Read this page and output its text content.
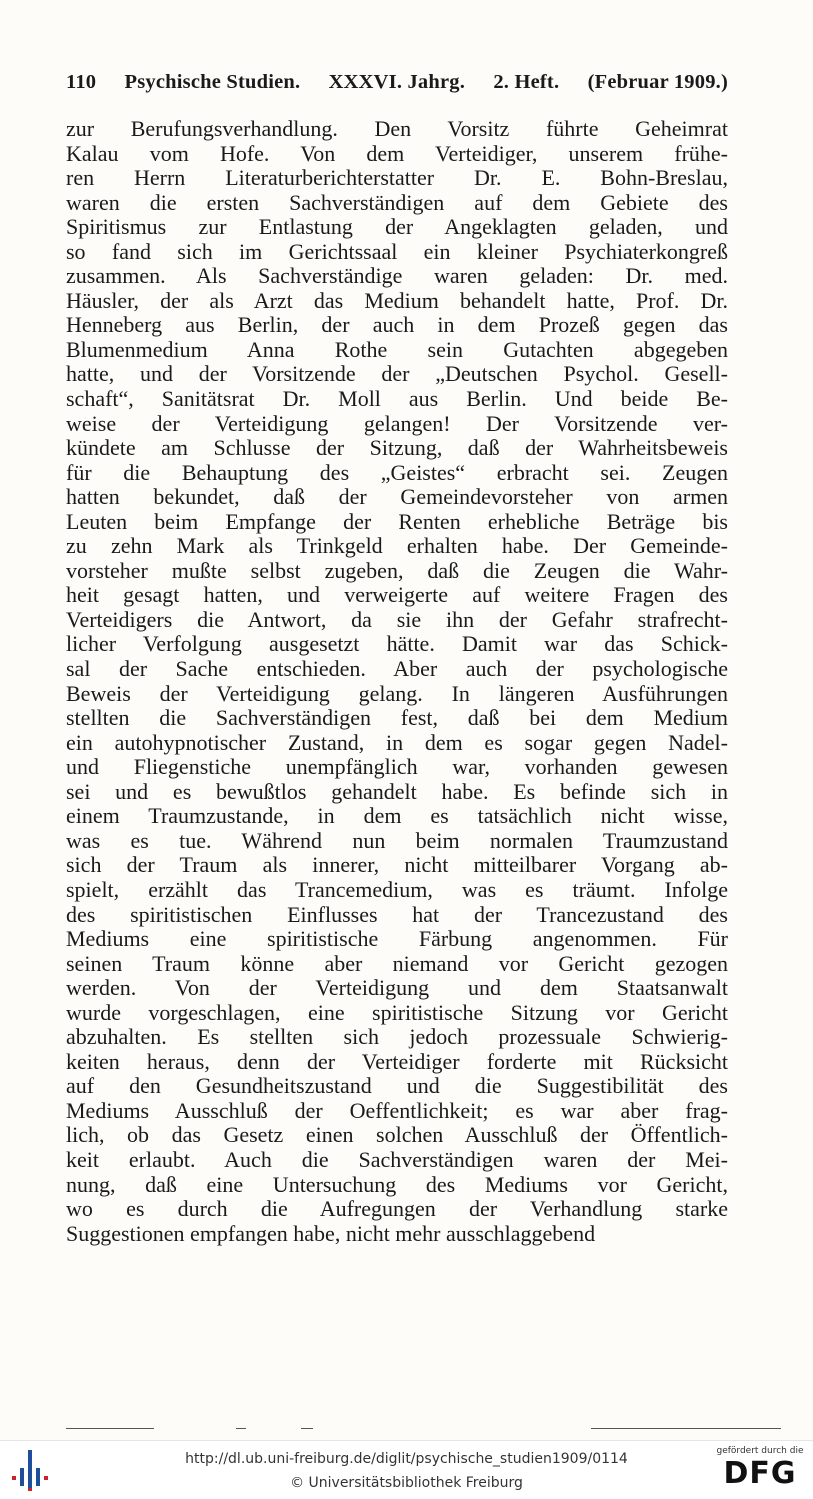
110 Psychische Studien. XXXVI. Jahrg. 2. Heft. (Februar 1909.)
zur Berufungsverhandlung. Den Vorsitz führte Geheimrat
Kalau vom Hofe. Von dem Verteidiger, unserem frühe-
ren Herrn Literaturberichterstatter Dr. E. Bohn-Breslau,
waren die ersten Sachverständigen auf dem Gebiete des
Spiritismus zur Entlastung der Angeklagten geladen, und
so fand sich im Gerichtssaal ein kleiner Psychiaterkongreß
zusammen. Als Sachverständige waren geladen: Dr. med.
Häusler, der als Arzt das Medium behandelt hatte, Prof. Dr.
Henneberg aus Berlin, der auch in dem Prozeß gegen das
Blumenmedium Anna Rothe sein Gutachten abgegeben
hatte, und der Vorsitzende der „Deutschen Psychol. Gesell-
schaft“, Sanitätsrat Dr. Moll aus Berlin. Und beide Be-
weise der Verteidigung gelangen! Der Vorsitzende ver-
kündete am Schlusse der Sitzung, daß der Wahrheitsbeweis
für die Behauptung des „Geistes“ erbracht sei. Zeugen
hatten bekundet, daß der Gemeindevorsteher von armen
Leuten beim Empfange der Renten erhebliche Beträge bis
zu zehn Mark als Trinkgeld erhalten habe. Der Gemeinde-
vorsteher mußte selbst zugeben, daß die Zeugen die Wahr-
heit gesagt hatten, und verweigerte auf weitere Fragen des
Verteidigers die Antwort, da sie ihn der Gefahr strafrecht-
licher Verfolgung ausgesetzt hätte. Damit war das Schick-
sal der Sache entschieden. Aber auch der psychologische
Beweis der Verteidigung gelang. In längeren Ausführungen
stellten die Sachverständigen fest, daß bei dem Medium
ein autohypnotischer Zustand, in dem es sogar gegen Nadel-
und Fliegenstiche unempfänglich war, vorhanden gewesen
sei und es bewußtlos gehandelt habe. Es befinde sich in
einem Traumzustande, in dem es tatsächlich nicht wisse,
was es tue. Während nun beim normalen Traumzustand
sich der Traum als innerer, nicht mitteilbarer Vorgang ab-
spielt, erzählt das Trancemedium, was es träumt. Infolge
des spiritistischen Einflusses hat der Trancezustand des
Mediums eine spiritistische Färbung angenommen. Für
seinen Traum könne aber niemand vor Gericht gezogen
werden. Von der Verteidigung und dem Staatsanwalt
wurde vorgeschlagen, eine spiritistische Sitzung vor Gericht
abzuhalten. Es stellten sich jedoch prozessuale Schwierig-
keiten heraus, denn der Verteidiger forderte mit Rücksicht
auf den Gesundheitszustand und die Suggestibilität des
Mediums Ausschluß der Oeffentlichkeit; es war aber frag-
lich, ob das Gesetz einen solchen Ausschluß der Öffentlich-
keit erlaubt. Auch die Sachverständigen waren der Mei-
nung, daß eine Untersuchung des Mediums vor Gericht,
wo es durch die Aufregungen der Verhandlung starke
Suggestionen empfangen habe, nicht mehr ausschlaggebend
http://dl.ub.uni-freiburg.de/diglit/psychische_studien1909/0114
© Universitätsbibliothek Freiburg
gefördert durch die
DFG
